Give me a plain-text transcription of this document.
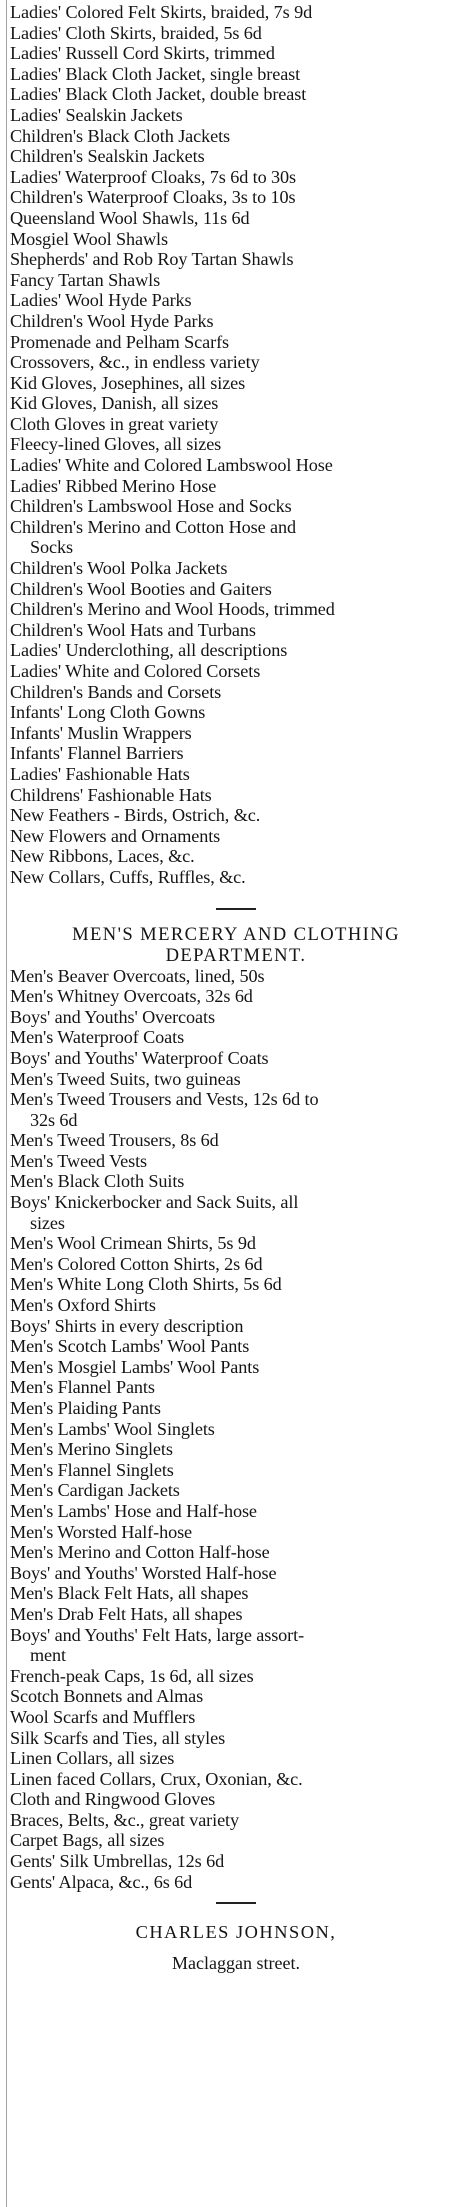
Ladies' Colored Felt Skirts, braided, 7s 9d
Ladies' Cloth Skirts, braided, 5s 6d
Ladies' Russell Cord Skirts, trimmed
Ladies' Black Cloth Jacket, single breast
Ladies' Black Cloth Jacket, double breast
Ladies' Sealskin Jackets
Children's Black Cloth Jackets
Children's Sealskin Jackets
Ladies' Waterproof Cloaks, 7s 6d to 30s
Children's Waterproof Cloaks, 3s to 10s
Queensland Wool Shawls, 11s 6d
Mosgiel Wool Shawls
Shepherds' and Rob Roy Tartan Shawls
Fancy Tartan Shawls
Ladies' Wool Hyde Parks
Children's Wool Hyde Parks
Promenade and Pelham Scarfs
Crossovers, &c., in endless variety
Kid Gloves, Josephines, all sizes
Kid Gloves, Danish, all sizes
Cloth Gloves in great variety
Fleecy-lined Gloves, all sizes
Ladies' White and Colored Lambswool Hose
Ladies' Ribbed Merino Hose
Children's Lambswool Hose and Socks
Children's Merino and Cotton Hose and
Socks
Children's Wool Polka Jackets
Children's Wool Booties and Gaiters
Children's Merino and Wool Hoods, trimmed
Children's Wool Hats and Turbans
Ladies' Underclothing, all descriptions
Ladies' White and Colored Corsets
Children's Bands and Corsets
Infants' Long Cloth Gowns
Infants' Muslin Wrappers
Infants' Flannel Barriers
Ladies' Fashionable Hats
Childrens' Fashionable Hats
New Feathers - Birds, Ostrich, &c.
New Flowers and Ornaments
New Ribbons, Laces, &c.
New Collars, Cuffs, Ruffles, &c.
MEN'S MERCERY AND CLOTHING
DEPARTMENT.
Men's Beaver Overcoats, lined, 50s
Men's Whitney Overcoats, 32s 6d
Boys' and Youths' Overcoats
Men's Waterproof Coats
Boys' and Youths' Waterproof Coats
Men's Tweed Suits, two guineas
Men's Tweed Trousers and Vests, 12s 6d to
32s 6d
Men's Tweed Trousers, 8s 6d
Men's Tweed Vests
Men's Black Cloth Suits
Boys' Knickerbocker and Sack Suits, all
sizes
Men's Wool Crimean Shirts, 5s 9d
Men's Colored Cotton Shirts, 2s 6d
Men's White Long Cloth Shirts, 5s 6d
Men's Oxford Shirts
Boys' Shirts in every description
Men's Scotch Lambs' Wool Pants
Men's Mosgiel Lambs' Wool Pants
Men's Flannel Pants
Men's Plaiding Pants
Men's Lambs' Wool Singlets
Men's Merino Singlets
Men's Flannel Singlets
Men's Cardigan Jackets
Men's Lambs' Hose and Half-hose
Men's Worsted Half-hose
Men's Merino and Cotton Half-hose
Boys' and Youths' Worsted Half-hose
Men's Black Felt Hats, all shapes
Men's Drab Felt Hats, all shapes
Boys' and Youths' Felt Hats, large assort-
ment
French-peak Caps, 1s 6d, all sizes
Scotch Bonnets and Almas
Wool Scarfs and Mufflers
Silk Scarfs and Ties, all styles
Linen Collars, all sizes
Linen faced Collars, Crux, Oxonian, &c.
Cloth and Ringwood Gloves
Braces, Belts, &c., great variety
Carpet Bags, all sizes
Gents' Silk Umbrellas, 12s 6d
Gents' Alpaca, &c., 6s 6d
CHARLES JOHNSON,
Maclaggan street.
